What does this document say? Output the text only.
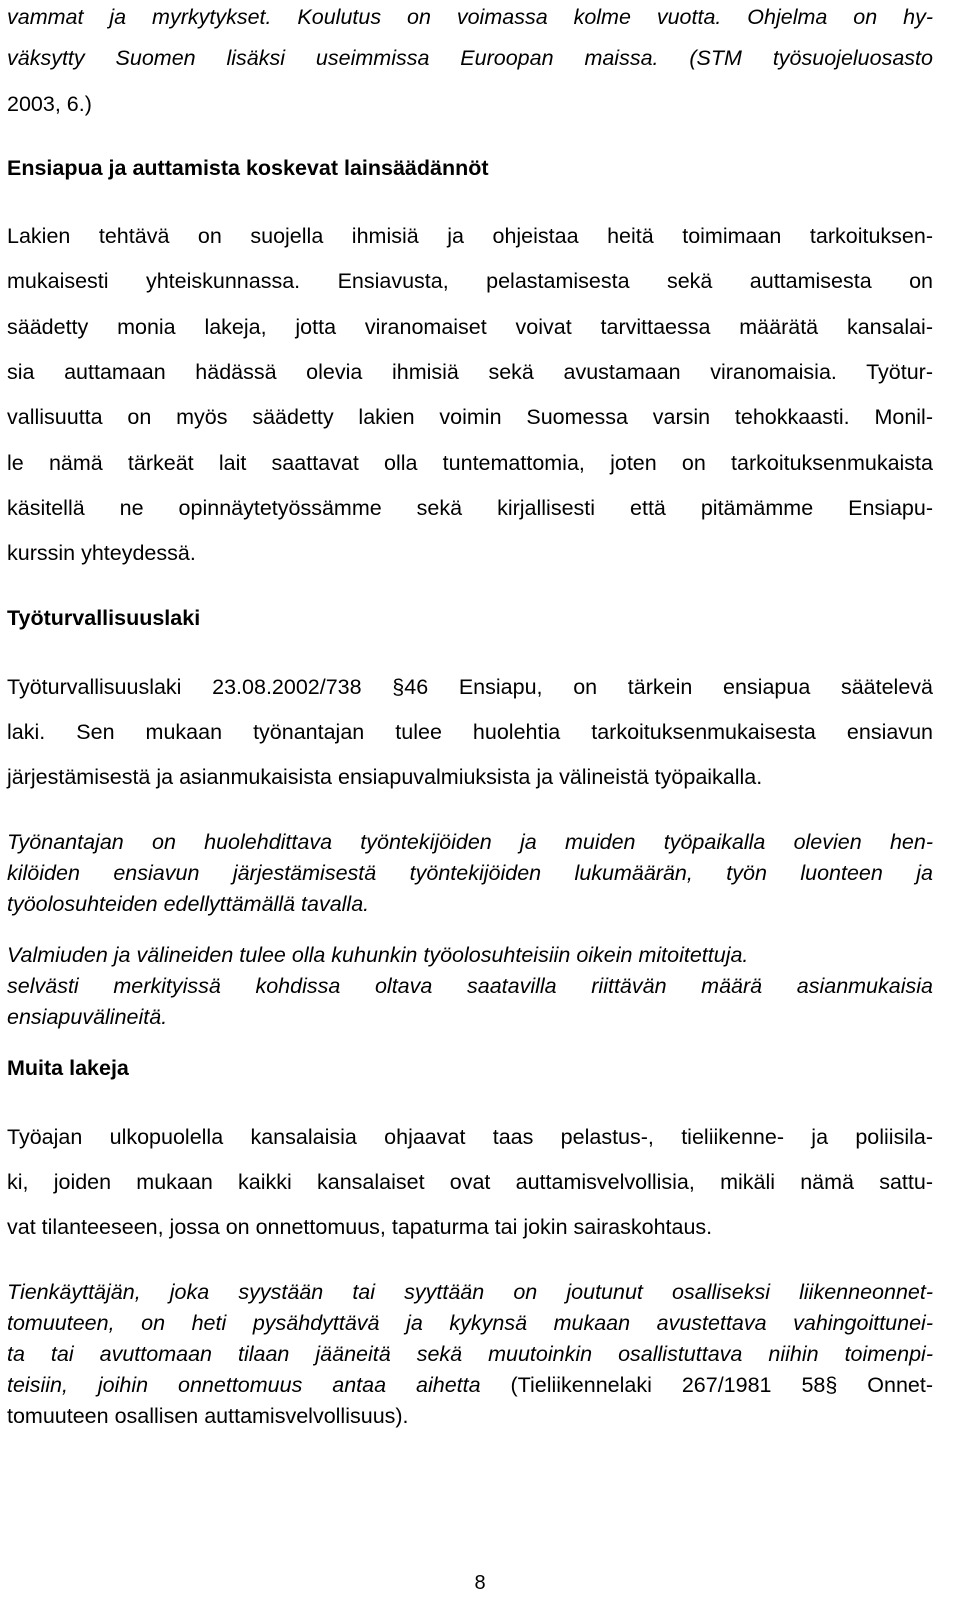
vammat ja myrkytykset. Koulutus on voimassa kolme vuotta. Ohjelma on hy-
väksytty Suomen lisäksi useimmissa Euroopan maissa. (STM työsuojeluosasto
2003, 6.)
Ensiapua ja auttamista koskevat lainsäädännöt
Lakien tehtävä on suojella ihmisiä ja ohjeistaa heitä toimimaan tarkoituksen-
mukaisesti yhteiskunnassa. Ensiavusta, pelastamisesta sekä auttamisesta on
säädetty monia lakeja, jotta viranomaiset voivat tarvittaessa määrätä kansalai-
sia auttamaan hädässä olevia ihmisiä sekä avustamaan viranomaisia. Työtur-
vallisuutta on myös säädetty lakien voimin Suomessa varsin tehokkaasti. Monil-
le nämä tärkeät lait saattavat olla tuntemattomia, joten on tarkoituksenmukaista
käsitellä ne opinnäytetyössämme sekä kirjallisesti että pitämämme Ensiapu-
kurssin yhteydessä.
Työturvallisuuslaki
Työturvallisuuslaki 23.08.2002/738 §46 Ensiapu, on tärkein ensiapua säätelevä
laki. Sen mukaan työnantajan tulee huolehtia tarkoituksenmukaisesta ensiavun
järjestämisestä ja asianmukaisista ensiapuvalmiuksista ja välineistä työpaikalla.
Työnantajan on huolehdittava työntekijöiden ja muiden työpaikalla olevien hen-
kilöiden ensiavun järjestämisestä työntekijöiden lukumäärän, työn luonteen ja
työolosuhteiden edellyttämällä tavalla.
Valmiuden ja välineiden tulee olla kuhunkin työolosuhteisiin oikein mitoitettuja.
selvästi merkityissä kohdissa oltava saatavilla riittävän määrä asianmukaisia
ensiapuvälineitä.
Muita lakeja
Työajan ulkopuolella kansalaisia ohjaavat taas pelastus-, tieliikenne- ja poliisila-
ki, joiden mukaan kaikki kansalaiset ovat auttamisvelvollisia, mikäli nämä sattu-
vat tilanteeseen, jossa on onnettomuus, tapaturma tai jokin sairaskohtaus.
Tienkäyttäjän, joka syystään tai syyttään on joutunut osalliseksi liikenneonnet-
tomuuteen, on heti pysähdyttävä ja kykynsä mukaan avustettava vahingoittunei-
ta tai avuttomaan tilaan jääneitä sekä muutoinkin osallistuttava niihin toimenpi-
teisiin, joihin onnettomuus antaa aihetta (Tieliikennelaki 267/1981 58§ Onnet-
tomuuteen osallisen auttamisvelvollisuus).
8
